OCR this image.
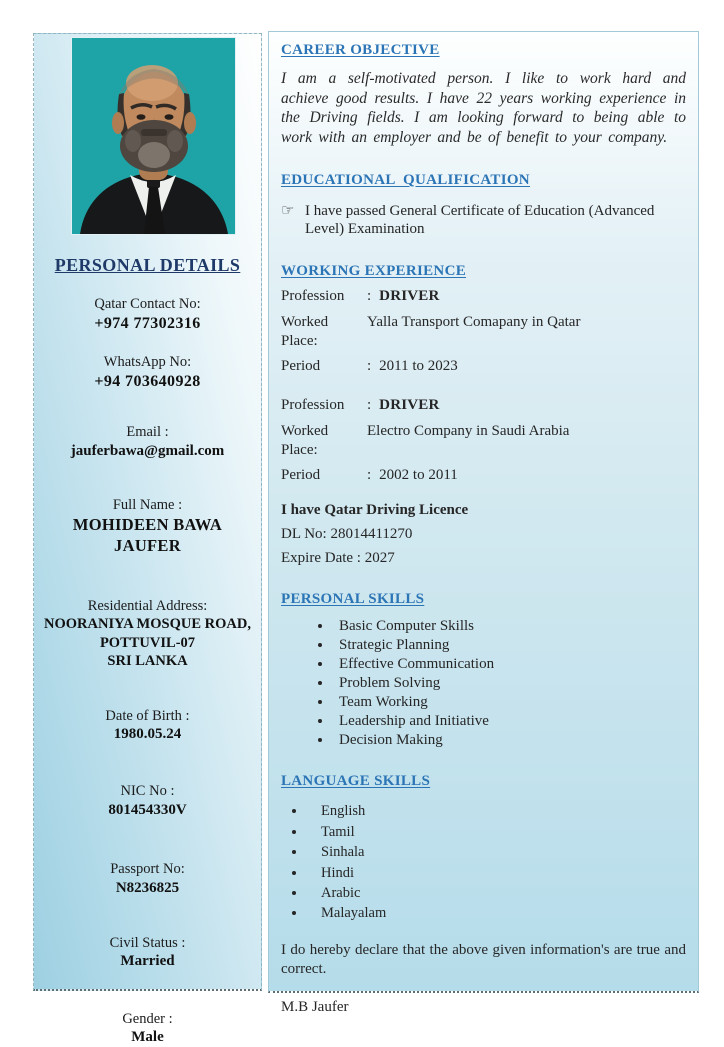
PERSONAL DETAILS
Qatar Contact No:
+974 77302316
WhatsApp No:
+94 703640928
Email :
jauferbawa@gmail.com
Full Name :
MOHIDEEN BAWA
JAUFER
Residential Address:
NOORANIYA MOSQUE ROAD,
POTTUVIL-07
SRI LANKA
Date of Birth :
1980.05.24
NIC No :
801454330V
Passport No:
N8236825
Civil Status :
Married
Gender :
Male
CAREER OBJECTIVE

I am a self-motivated person. I like to work hard and achieve good results. I have 22 years working experience in the Driving fields. I am looking forward to being able to work with an employer and be of benefit to your company.

EDUCATIONAL  QUALIFICATION
☞ I have passed General Certificate of Education (Advanced Level) Examination
WORKING EXPERIENCE
Profession	: DRIVER
Worked Place:
Yalla Transport Comapany in Qatar
Period	: 2011 to 2023
Profession	: DRIVER
Worked Place:
Electro Company in Saudi Arabia
Period	: 2002 to 2011
I have Qatar Driving Licence
DL No: 28014411270
Expire Date : 2027
PERSONAL SKILLS
• Basic Computer Skills
• Strategic Planning
• Effective Communication
• Problem Solving
• Team Working
• Leadership and Initiative
• Decision Making
LANGUAGE SKILLS
• English
• Tamil
• Sinhala
• Hindi
• Arabic
• Malayalam

I do hereby declare that the above given information's are true and correct.

M.B Jaufer
